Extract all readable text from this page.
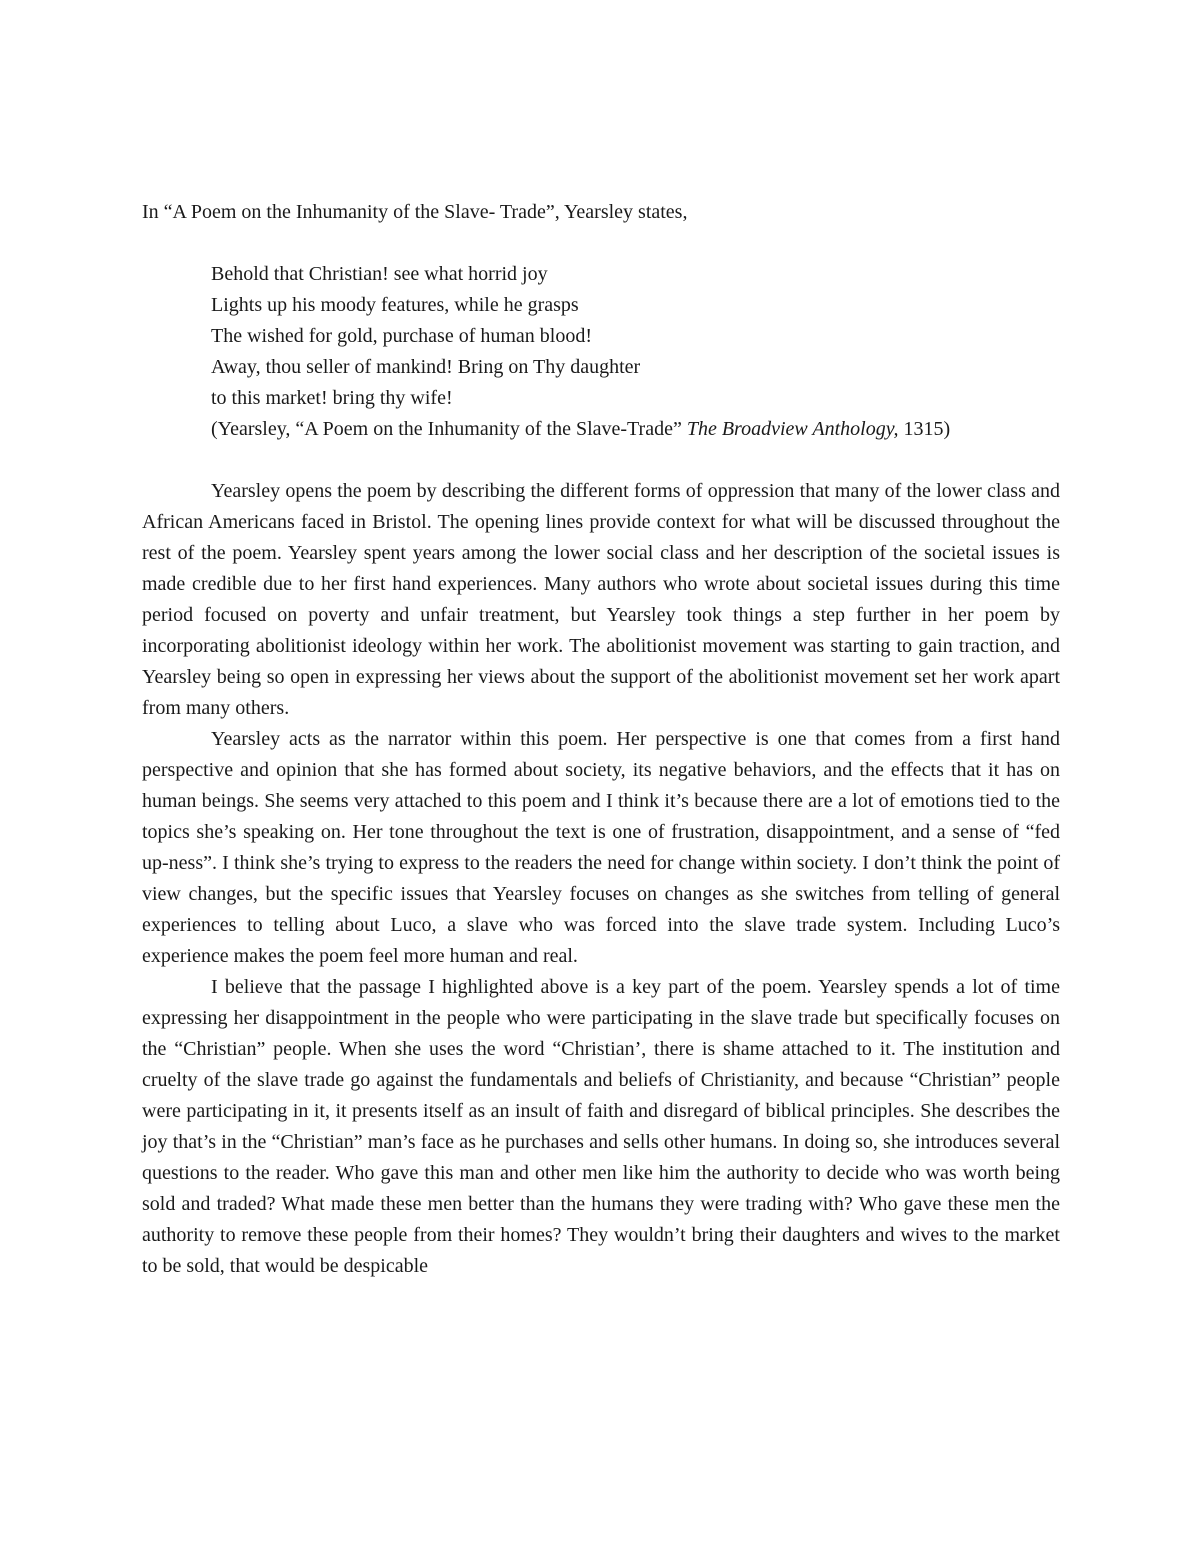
In “A Poem on the Inhumanity of the Slave- Trade”, Yearsley states,

Behold that Christian! see what horrid joy
Lights up his moody features, while he grasps
The wished for gold, purchase of human blood!
Away, thou seller of mankind! Bring on Thy daughter
to this market! bring thy wife!
(Yearsley, “A Poem on the Inhumanity of the Slave-Trade” The Broadview Anthology, 1315)

Yearsley opens the poem by describing the different forms of oppression that many of the lower class and African Americans faced in Bristol. The opening lines provide context for what will be discussed throughout the rest of the poem. Yearsley spent years among the lower social class and her description of the societal issues is made credible due to her first hand experiences. Many authors who wrote about societal issues during this time period focused on poverty and unfair treatment, but Yearsley took things a step further in her poem by incorporating abolitionist ideology within her work. The abolitionist movement was starting to gain traction, and Yearsley being so open in expressing her views about the support of the abolitionist movement set her work apart from many others.

Yearsley acts as the narrator within this poem. Her perspective is one that comes from a first hand perspective and opinion that she has formed about society, its negative behaviors, and the effects that it has on human beings. She seems very attached to this poem and I think it’s because there are a lot of emotions tied to the topics she’s speaking on. Her tone throughout the text is one of frustration, disappointment, and a sense of “fed up-ness”. I think she’s trying to express to the readers the need for change within society. I don’t think the point of view changes, but the specific issues that Yearsley focuses on changes as she switches from telling of general experiences to telling about Luco, a slave who was forced into the slave trade system. Including Luco’s experience makes the poem feel more human and real.

I believe that the passage I highlighted above is a key part of the poem. Yearsley spends a lot of time expressing her disappointment in the people who were participating in the slave trade but specifically focuses on the “Christian” people. When she uses the word “Christian’, there is shame attached to it. The institution and cruelty of the slave trade go against the fundamentals and beliefs of Christianity, and because “Christian” people were participating in it, it presents itself as an insult of faith and disregard of biblical principles. She describes the joy that’s in the “Christian” man’s face as he purchases and sells other humans. In doing so, she introduces several questions to the reader. Who gave this man and other men like him the authority to decide who was worth being sold and traded? What made these men better than the humans they were trading with? Who gave these men the authority to remove these people from their homes? They wouldn’t bring their daughters and wives to the market to be sold, that would be despicable
